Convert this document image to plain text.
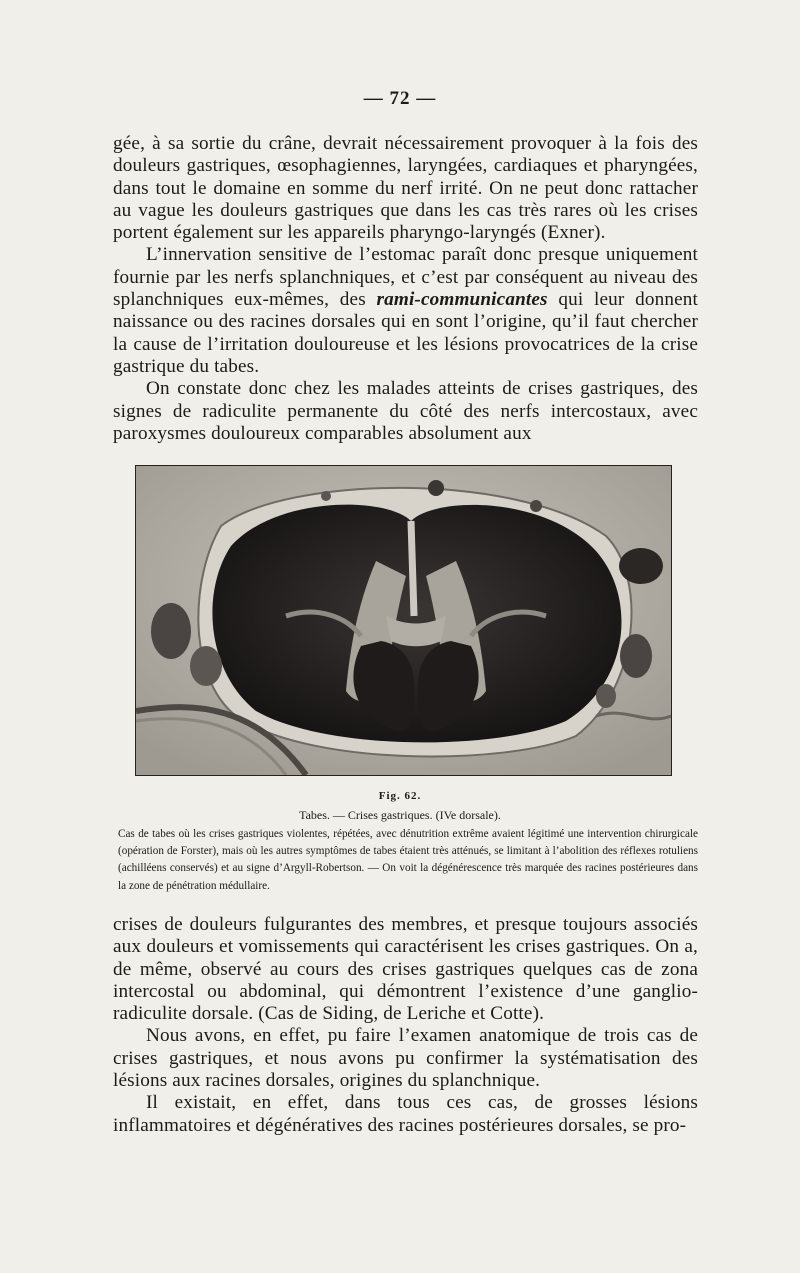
— 72 —

gée, à sa sortie du crâne, devrait nécessairement provoquer à la fois des douleurs gastriques, œsophagiennes, laryngées, cardiaques et pharyngées, dans tout le domaine en somme du nerf irrité. On ne peut donc rattacher au vague les douleurs gastriques que dans les cas très rares où les crises portent également sur les appareils pharyngo-laryngés (Exner).

L’innervation sensitive de l’estomac paraît donc presque uniquement fournie par les nerfs splanchniques, et c’est par conséquent au niveau des splanchniques eux-mêmes, des rami-communicantes qui leur donnent naissance ou des racines dorsales qui en sont l’origine, qu’il faut chercher la cause de l’irritation douloureuse et les lésions provocatrices de la crise gastrique du tabes.

On constate donc chez les malades atteints de crises gastriques, des signes de radiculite permanente du côté des nerfs intercostaux, avec paroxysmes douloureux comparables absolument aux

Fig. 62.
Tabes. — Crises gastriques. (IVe dorsale).
Cas de tabes où les crises gastriques violentes, répétées, avec dénutrition extrême avaient légitimé une intervention chirurgicale (opération de Forster), mais où les autres symptômes de tabes étaient très atténués, se limitant à l’abolition des réflexes rotuliens (achilléens conservés) et au signe d’Argyll-Robertson. — On voit la dégénérescence très marquée des racines postérieures dans la zone de pénétration médullaire.

crises de douleurs fulgurantes des membres, et presque toujours associés aux douleurs et vomissements qui caractérisent les crises gastriques. On a, de même, observé au cours des crises gastriques quelques cas de zona intercostal ou abdominal, qui démontrent l’existence d’une ganglio-radiculite dorsale. (Cas de Siding, de Leriche et Cotte).

Nous avons, en effet, pu faire l’examen anatomique de trois cas de crises gastriques, et nous avons pu confirmer la systématisation des lésions aux racines dorsales, origines du splanchnique.

Il existait, en effet, dans tous ces cas, de grosses lésions inflammatoires et dégénératives des racines postérieures dorsales, se pro-
